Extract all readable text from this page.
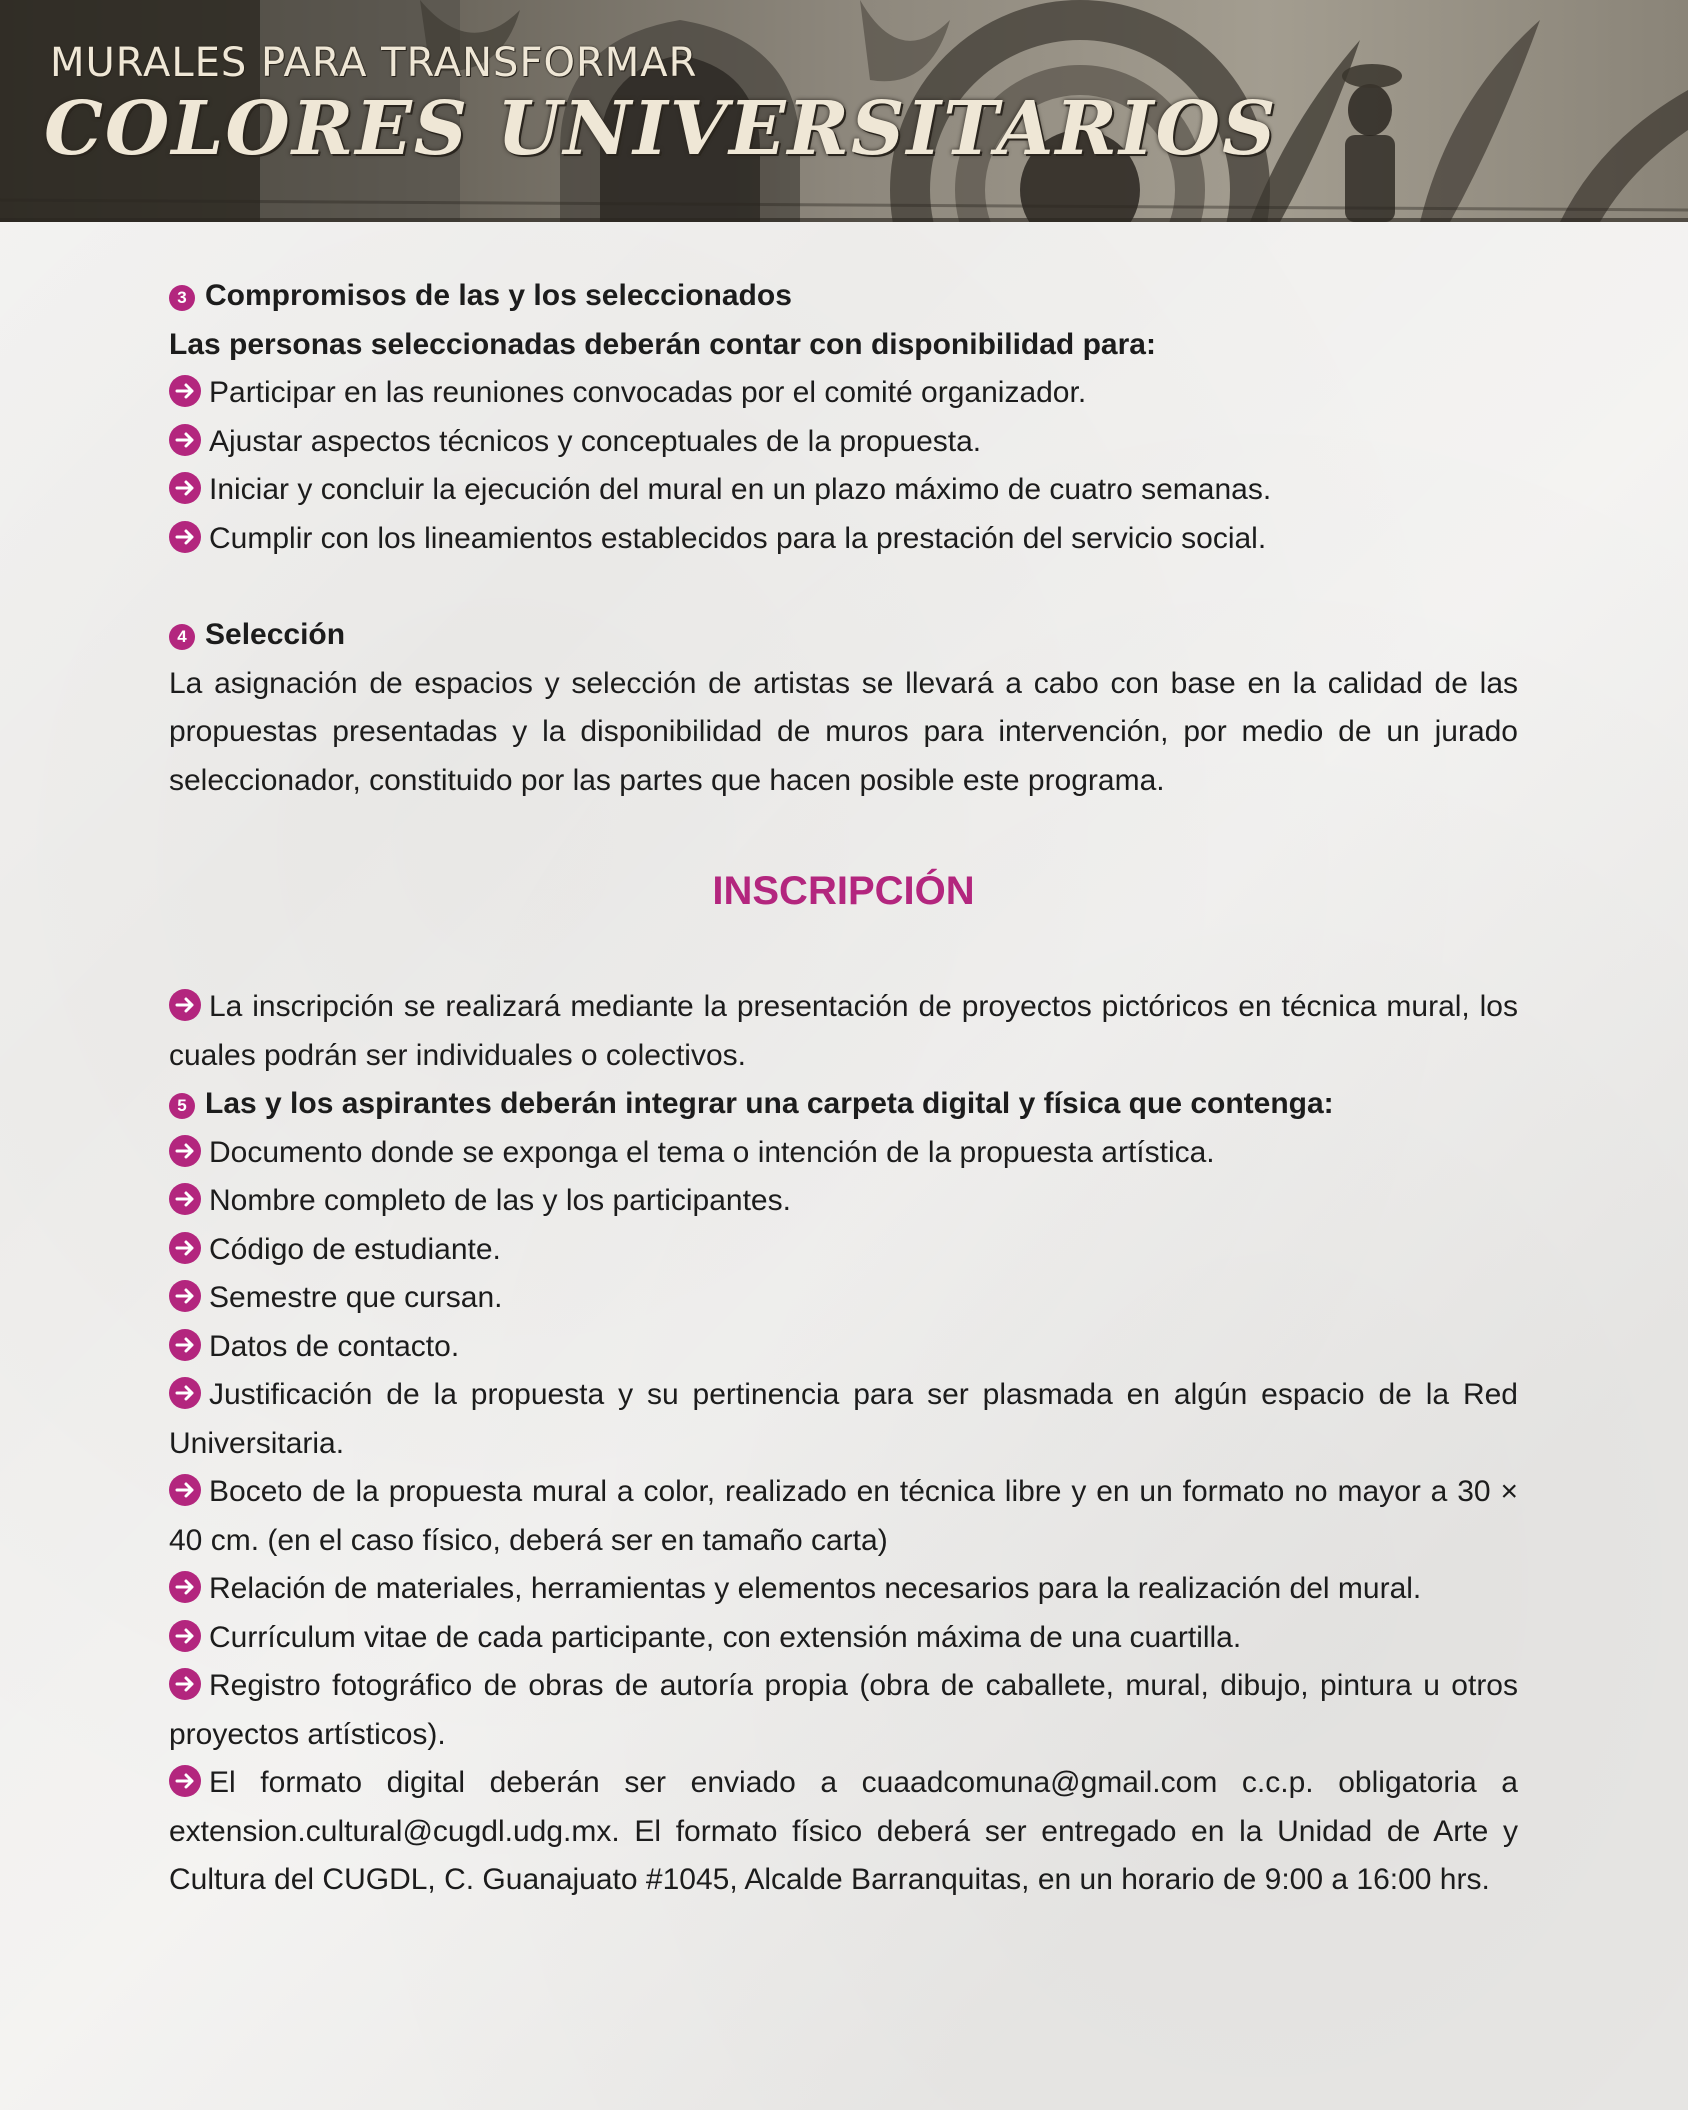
MURALES PARA TRANSFORMAR
COLORES UNIVERSITARIOS

3 Compromisos de las y los seleccionados

Las personas seleccionadas deberán contar con disponibilidad para:

Participar en las reuniones convocadas por el comité organizador.

Ajustar aspectos técnicos y conceptuales de la propuesta.

Iniciar y concluir la ejecución del mural en un plazo máximo de cuatro semanas.

Cumplir con los lineamientos establecidos para la prestación del servicio social.

4 Selección

La asignación de espacios y selección de artistas se llevará a cabo con base en la calidad de las propuestas presentadas y la disponibilidad de muros para intervención, por medio de un jurado seleccionador, constituido por las partes que hacen posible este programa.

INSCRIPCIÓN

La inscripción se realizará mediante la presentación de proyectos pictóricos en técnica mural, los cuales podrán ser individuales o colectivos.

5 Las y los aspirantes deberán integrar una carpeta digital y física que contenga:

Documento donde se exponga el tema o intención de la propuesta artística.

Nombre completo de las y los participantes.

Código de estudiante.

Semestre que cursan.

Datos de contacto.

Justificación de la propuesta y su pertinencia para ser plasmada en algún espacio de la Red Universitaria.

Boceto de la propuesta mural a color, realizado en técnica libre y en un formato no mayor a 30 × 40 cm. (en el caso físico, deberá ser en tamaño carta)

Relación de materiales, herramientas y elementos necesarios para la realización del mural.

Currículum vitae de cada participante, con extensión máxima de una cuartilla.

Registro fotográfico de obras de autoría propia (obra de caballete, mural, dibujo, pintura u otros proyectos artísticos).

El formato digital deberán ser enviado a cuaadcomuna@gmail.com c.c.p. obligatoria a extension.cultural@cugdl.udg.mx. El formato físico deberá ser entregado en la Unidad de Arte y Cultura del CUGDL, C. Guanajuato #1045, Alcalde Barranquitas, en un horario de 9:00 a 16:00 hrs.
